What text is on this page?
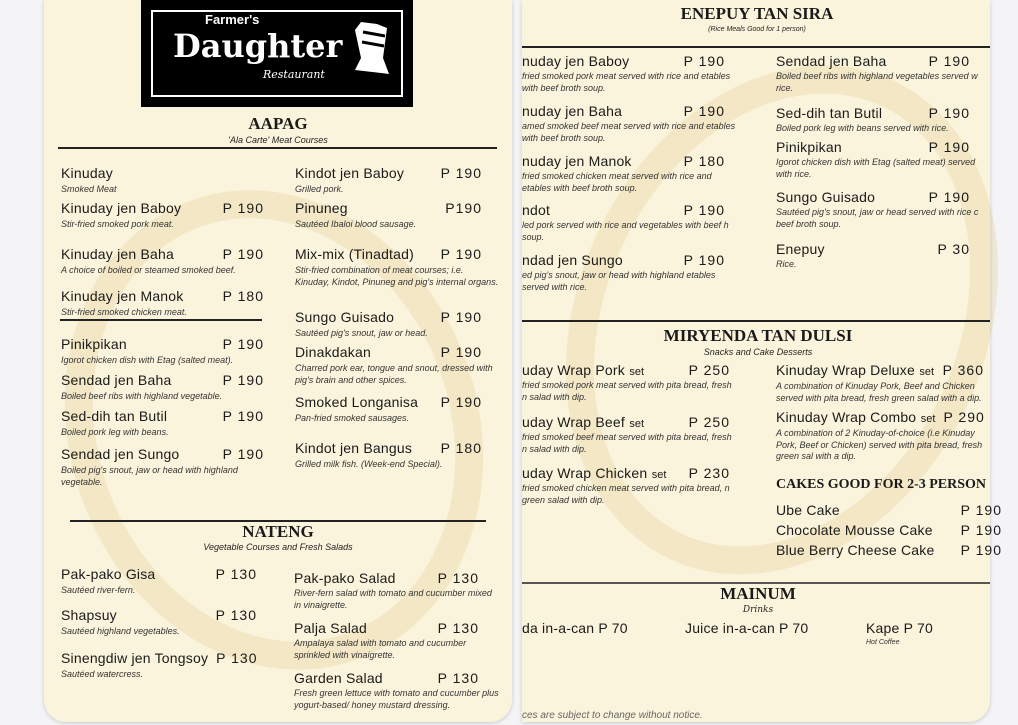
Farmer's
Daughter
Restaurant
AAPAG
'Ala Carte' Meat Courses
Kinuday
Smoked Meat
Kinuday jen Baboy	P 190
Stir-fried smoked pork meat.
Kinuday jen Baha	P 190
A choice of boiled or steamed smoked beef.
Kinuday jen Manok	P 180
Stir-fried smoked chicken meat.
Pinikpikan	P 190
Igorot chicken dish with Etag (salted meat).
Sendad jen Baha	P 190
Boiled beef ribs with highland vegetable.
Sed-dih tan Butil	P 190
Boiled pork leg with beans.
Sendad jen Sungo	P 190
Boiled pig's snout, jaw or head with highland vegetable.
Kindot jen Baboy	P 190
Grilled pork.
Pinuneg	P190
Sautéed Ibaloi blood sausage.
Mix-mix (Tinadtad) P 190
Stir-fried combination of meat courses; i.e. Kinuday, Kindot, Pinuneg and pig's internal organs.
Sungo Guisado	P 190
Sautéed pig's snout, jaw or head.
Dinakdakan	P 190
Charred pork ear, tongue and snout, dressed with pig's brain and other spices.
Smoked Longanisa P 190
Pan-fried smoked sausages.
Kindot jen Bangus P 180
Grilled milk fish. (Week-end Special).
NATENG
Vegetable Courses and Fresh Salads
Pak-pako Gisa	P 130
Sautéed river-fern.
Shapsuy	P 130
Sautéed highland vegetables.
Sinengdiw jen Tongsoy P 130
Sautéed watercress.
Pak-pako Salad	P 130
River-fern salad with tomato and cucumber mixed in vinaigrette.
Palja Salad	P 130
Ampalaya salad with tomato and cucumber sprinkled with vinaigrette.
Garden Salad	P 130
Fresh green lettuce with tomato and cucumber plus yogurt-based/ honey mustard dressing.
ENEPUY TAN SIRA
(Rice Meals Good for 1 person)
nuday jen Baboy	P 190
fried smoked pork meat served with rice and etables with beef broth soup.
nuday jen Baha	P 190
amed smoked beef meat served with rice and etables with beef broth soup.
nuday jen Manok	P 180
fried smoked chicken meat served with rice and etables with beef broth soup.
ndot	P 190
led pork served with rice and vegetables with beef h soup.
ndad jen Sungo	P 190
ed pig's snout, jaw or head with highland etables served with rice.
Sendad jen Baha	P 190
Boiled beef ribs with highland vegetables served w rice.
Sed-dih tan Butil	P 190
Boiled pork leg with beans served with rice.
Pinikpikan	P 190
Igorot chicken dish with Etag (salted meat) served with rice.
Sungo Guisado	P 190
Sautéed pig's snout, jaw or head served with rice c beef broth soup.
Enepuy	P 30
Rice.
MIRYENDA TAN DULSI
Snacks and Cake Desserts
uday Wrap Pork set	P 250
fried smoked pork meat served with pita bread, fresh n salad with dip.
uday Wrap Beef set	P 250
fried smoked beef meat served with pita bread, fresh n salad with dip.
uday Wrap Chicken set P 230
fried smoked chicken meat served with pita bread, n green salad with dip.
Kinuday Wrap Deluxe set P 360
A combination of Kinuday Pork, Beef and Chicken served with pita bread, fresh green salad with a dip.
Kinuday Wrap Combo set P 290
A combination of 2 Kinuday-of-choice (i.e Kinuday Pork, Beef or Chicken) served with pita bread, fresh green sal with a dip.
CAKES GOOD FOR 2-3 PERSON
Ube Cake	P 190
Chocolate Mousse Cake P 190
Blue Berry Cheese Cake P 190
MAINUM
Drinks
da in-a-can P 70	Juice in-a-can P 70	Kape P 70
Hot Coffee
ces are subject to change without notice.
